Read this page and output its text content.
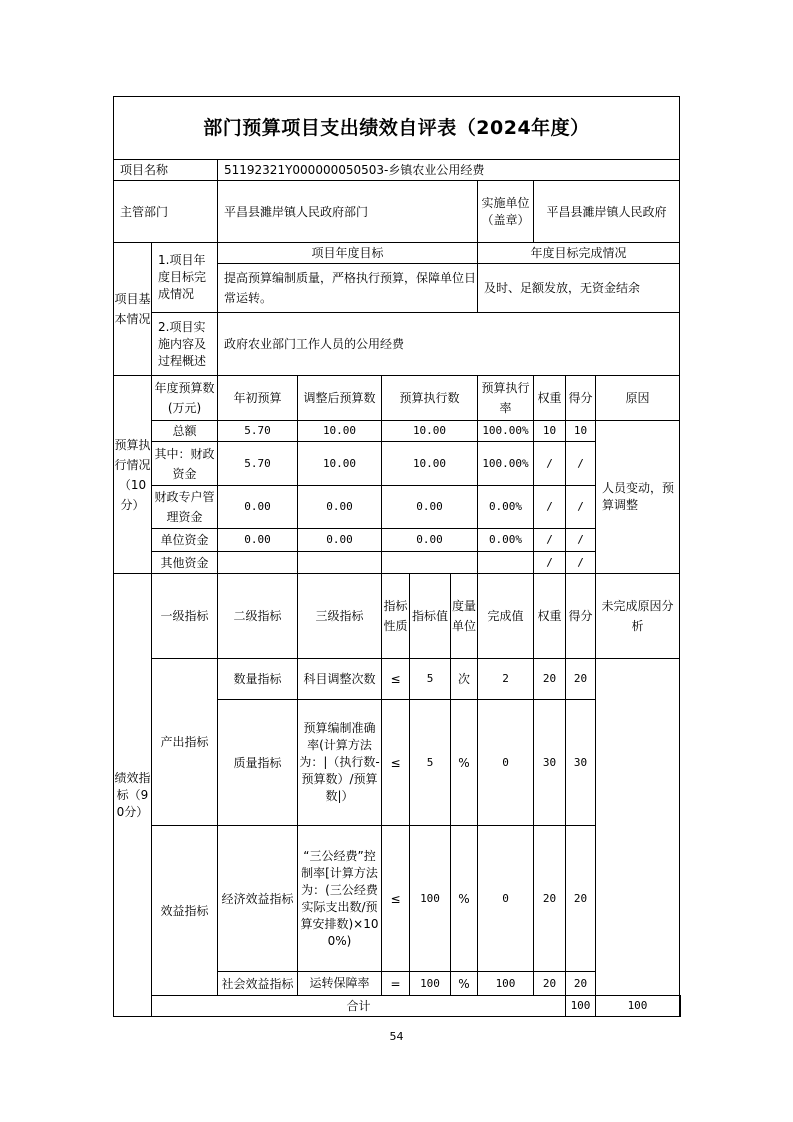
部门预算项目支出绩效自评表（2024年度）											
项目名称		51192321Y000000050503-乡镇农业公用经费									
主管部门		平昌县濉岸镇人民政府部门					实施单位（盖章）	平昌县濉岸镇人民政府			
项目基本情况	1.项目年度目标完成情况	项目年度目标					年度目标完成情况				
		提高预算编制质量，严格执行预算，保障单位日常运转。					及时、足额发放，无资金结余				
	2.项目实施内容及过程概述	政府农业部门工作人员的公用经费									
预算执行情况（10分）	年度预算数(万元)	年初预算	调整后预算数	预算执行数			预算执行率	权重	得分	原因	
	总额	5.70	10.00	10.00			100.00%	10	10	人员变动，预算调整	
	其中：财政资金	5.70	10.00	10.00			100.00%	/	/		
	财政专户管理资金	0.00	0.00	0.00			0.00%	/	/		
	单位资金	0.00	0.00	0.00			0.00%	/	/		
	其他资金							/	/		
绩效指标（90分）	一级指标	二级指标	三级指标	指标性质	指标值	度量单位	完成值	权重	得分	未完成原因分析	
	产出指标	数量指标	科目调整次数	≤	5	次	2	20	20		
		质量指标	预算编制准确率(计算方法为：|（执行数-预算数）/预算数|）	≤	5	%	0	30	30		
	效益指标	经济效益指标	“三公经费”控制率[计算方法为：(三公经费实际支出数/预算安排数)×100%)	≤	100	%	0	20	20		
		社会效益指标	运转保障率	=	100	%	100	20	20		
	合计								100	100	
54
